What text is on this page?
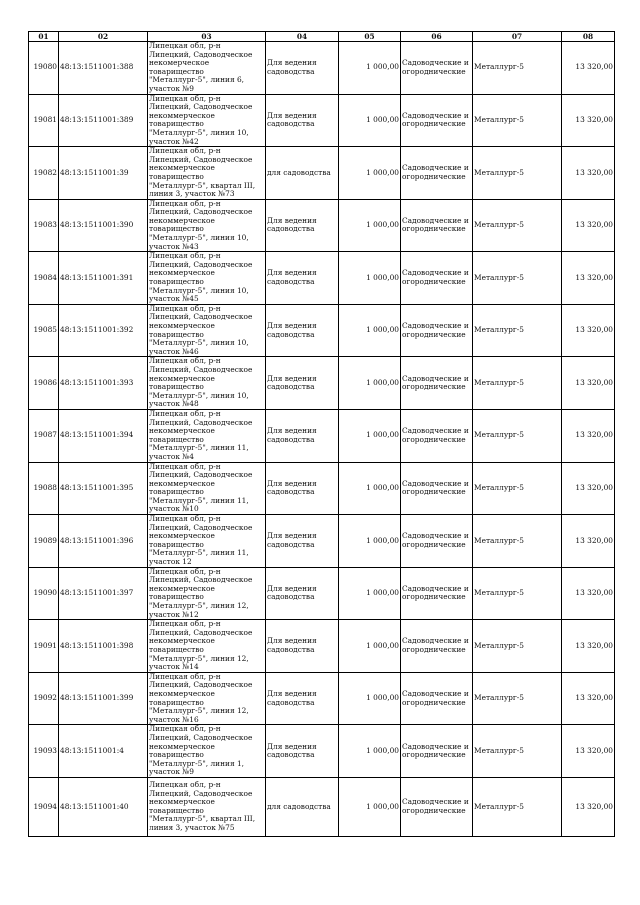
01	02	03	04	05	06	07	08
19080	48:13:1511001:388	Липецкая обл, р-н Липецкий, Садоводческое некомерческое товарищество "Металлург-5", линия 6, участок №9	Для ведения садоводства	1 000,00	Садоводческие и огороднические	Металлург-5	13 320,00
19081	48:13:1511001:389	Липецкая обл, р-н Липецкий, Садоводческое некоммерческое товарищество "Металлург-5", линия 10, участок №42	Для ведения садоводства	1 000,00	Садоводческие и огороднические	Металлург-5	13 320,00
19082	48:13:1511001:39	Липецкая обл, р-н Липецкий, Садоводческое некоммерческое товарищество "Металлург-5", квартал III, линия 3, участок №73	для садоводства	1 000,00	Садоводческие и огороднические	Металлург-5	13 320,00
19083	48:13:1511001:390	Липецкая обл, р-н Липецкий, Садоводческое некоммерческое товарищество "Металлург-5", линия 10, участок №43	Для ведения садоводства	1 000,00	Садоводческие и огороднические	Металлург-5	13 320,00
19084	48:13:1511001:391	Липецкая обл, р-н Липецкий, Садоводческое некоммерческое товарищество "Металлург-5", линия 10, участок №45	Для ведения садоводства	1 000,00	Садоводческие и огороднические	Металлург-5	13 320,00
19085	48:13:1511001:392	Липецкая обл, р-н Липецкий, Садоводческое некоммерческое товарищество "Металлург-5", линия 10, участок №46	Для ведения садоводства	1 000,00	Садоводческие и огороднические	Металлург-5	13 320,00
19086	48:13:1511001:393	Липецкая обл, р-н Липецкий, Садоводческое некоммерческое товарищество "Металлург-5", линия 10, участок №48	Для ведения садоводства	1 000,00	Садоводческие и огороднические	Металлург-5	13 320,00
19087	48:13:1511001:394	Липецкая обл, р-н Липецкий, Садоводческое некоммерческое товарищество "Металлург-5", линия 11, участок №4	Для ведения садоводства	1 000,00	Садоводческие и огороднические	Металлург-5	13 320,00
19088	48:13:1511001:395	Липецкая обл, р-н Липецкий, Садоводческое некоммерческое товарищество "Металлург-5", линия 11, участок №10	Для ведения садоводства	1 000,00	Садоводческие и огороднические	Металлург-5	13 320,00
19089	48:13:1511001:396	Липецкая обл, р-н Липецкий, Садоводческое некоммерческое товарищество "Металлург-5", линия 11, участок 12	Для ведения садоводства	1 000,00	Садоводческие и огороднические	Металлург-5	13 320,00
19090	48:13:1511001:397	Липецкая обл, р-н Липецкий, Садоводческое некоммерческое товарищество "Металлург-5", линия 12, участок №12	Для ведения садоводства	1 000,00	Садоводческие и огороднические	Металлург-5	13 320,00
19091	48:13:1511001:398	Липецкая обл, р-н Липецкий, Садоводческое некоммерческое товарищество "Металлург-5", линия 12, участок №14	Для ведения садоводства	1 000,00	Садоводческие и огороднические	Металлург-5	13 320,00
19092	48:13:1511001:399	Липецкая обл, р-н Липецкий, Садоводческое некоммерческое товарищество "Металлург-5", линия 12, участок №16	Для ведения садоводства	1 000,00	Садоводческие и огороднические	Металлург-5	13 320,00
19093	48:13:1511001:4	Липецкая обл, р-н Липецкий, Садоводческое некоммерческое товарищество "Металлург-5", линия 1, участок №9	Для ведения садоводства	1 000,00	Садоводческие и огороднические	Металлург-5	13 320,00
19094	48:13:1511001:40	Липецкая обл, р-н Липецкий, Садоводческое некоммерческое товарищество "Металлург-5", квартал III, линия 3, участок №75	для садоводства	1 000,00	Садоводческие и огороднические	Металлург-5	13 320,00
